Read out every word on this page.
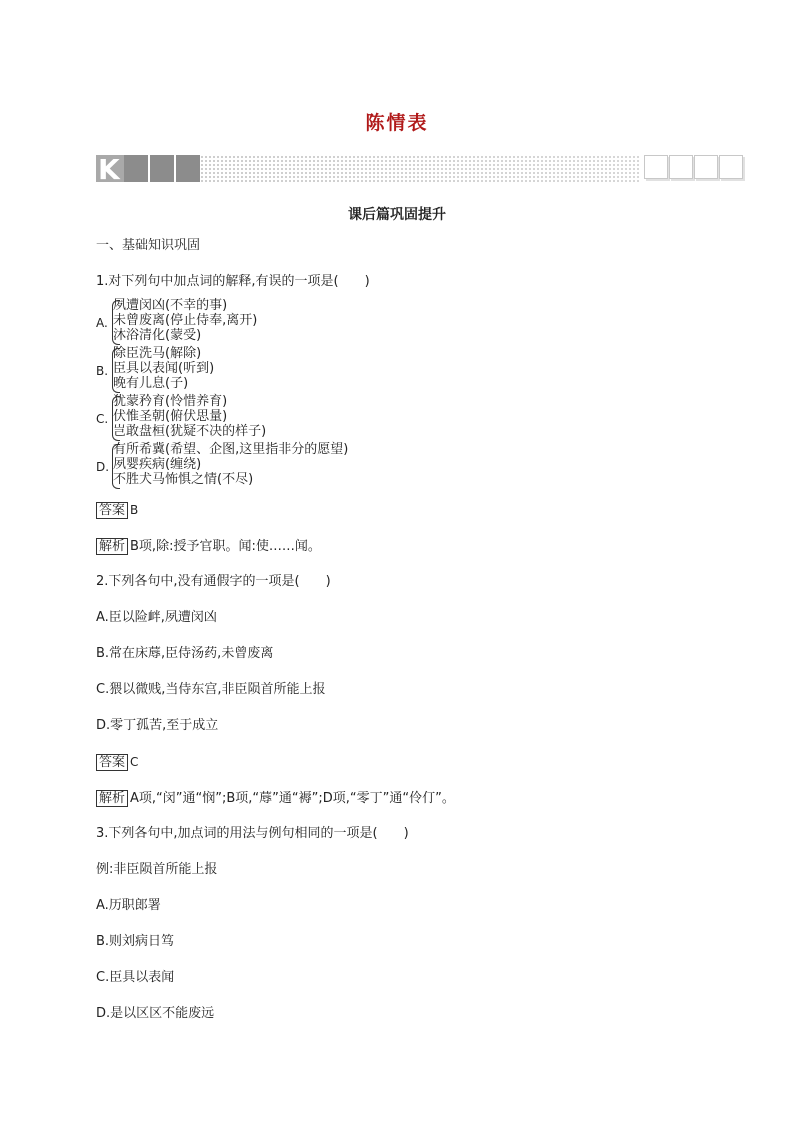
陈情表
K
课后篇巩固提升
一、基础知识巩固
1.对下列句中加点词的解释,有误的一项是(　　)
A.
夙遭闵凶(不幸的事)
未曾废离(停止侍奉,离开)
沐浴清化(蒙受)
B.
除臣洗马(解除)
臣具以表闻(听到)
晚有儿息(子)
C.
犹蒙矜育(怜惜养育)
伏惟圣朝(俯伏思量)
岂敢盘桓(犹疑不决的样子)
D.
有所希冀(希望、企图,这里指非分的愿望)
夙婴疾病(缠绕)
不胜犬马怖惧之情(不尽)
答案 B
解析 B项,除:授予官职。闻:使……闻。
2.下列各句中,没有通假字的一项是(　　)
A.臣以险衅,夙遭闵凶
B.常在床蓐,臣侍汤药,未曾废离
C.猥以微贱,当侍东宫,非臣陨首所能上报
D.零丁孤苦,至于成立
答案 C
解析 A项,“闵”通“悯”;B项,“蓐”通“褥”;D项,“零丁”通“伶仃”。
3.下列各句中,加点词的用法与例句相同的一项是(　　)
例:非臣陨首所能上报
A.历职郎署
B.则刘病日笃
C.臣具以表闻
D.是以区区不能废远
